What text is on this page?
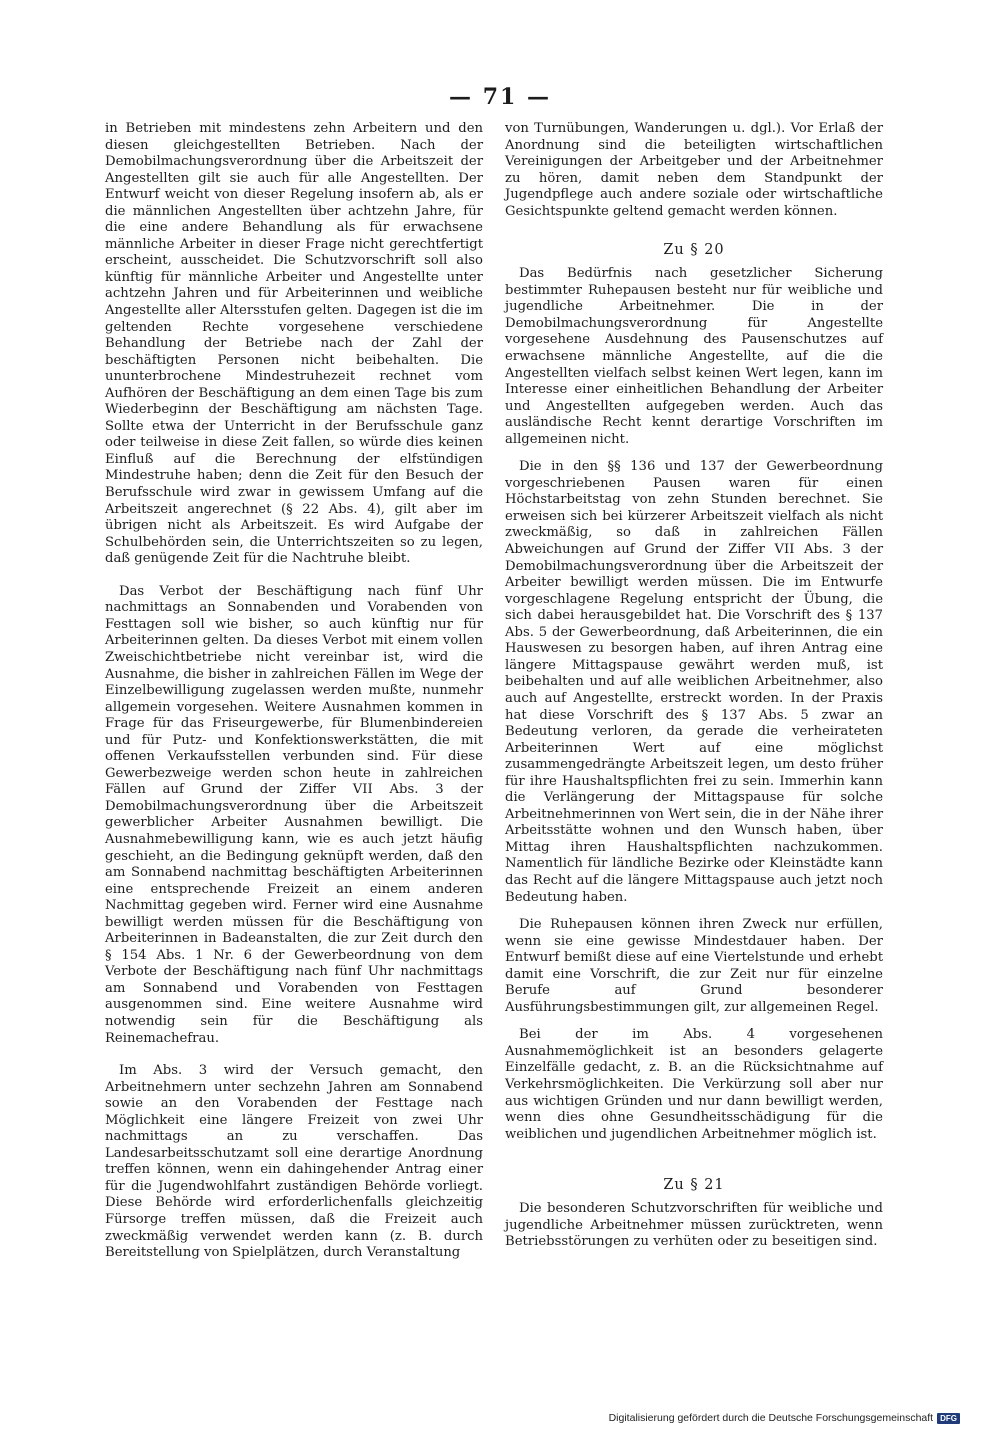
— 71 —

in Betrieben mit mindestens zehn Arbeitern und den diesen gleichgestellten Betrieben. Nach der Demobilmachungsverordnung über die Arbeitszeit der Angestellten gilt sie auch für alle Angestellten. Der Entwurf weicht von dieser Regelung insofern ab, als er die männlichen Angestellten über achtzehn Jahre, für die eine andere Behandlung als für erwachsene männliche Arbeiter in dieser Frage nicht gerechtfertigt erscheint, ausscheidet. Die Schutzvorschrift soll also künftig für männliche Arbeiter und Angestellte unter achtzehn Jahren und für Arbeiterinnen und weibliche Angestellte aller Altersstufen gelten. Dagegen ist die im geltenden Rechte vorgesehene verschiedene Behandlung der Betriebe nach der Zahl der beschäftigten Personen nicht beibehalten. Die ununterbrochene Mindestruhezeit rechnet vom Aufhören der Beschäftigung an dem einen Tage bis zum Wiederbeginn der Beschäftigung am nächsten Tage. Sollte etwa der Unterricht in der Berufsschule ganz oder teilweise in diese Zeit fallen, so würde dies keinen Einfluß auf die Berechnung der elfstündigen Mindestruhe haben; denn die Zeit für den Besuch der Berufsschule wird zwar in gewissem Umfang auf die Arbeitszeit angerechnet (§ 22 Abs. 4), gilt aber im übrigen nicht als Arbeitszeit. Es wird Aufgabe der Schulbehörden sein, die Unterrichtszeiten so zu legen, daß genügende Zeit für die Nachtruhe bleibt.

Das Verbot der Beschäftigung nach fünf Uhr nachmittags an Sonnabenden und Vorabenden von Festtagen soll wie bisher, so auch künftig nur für Arbeiterinnen gelten. Da dieses Verbot mit einem vollen Zweischichtbetriebe nicht vereinbar ist, wird die Ausnahme, die bisher in zahlreichen Fällen im Wege der Einzelbewilligung zugelassen werden mußte, nunmehr allgemein vorgesehen. Weitere Ausnahmen kommen in Frage für das Friseurgewerbe, für Blumenbindereien und für Putz- und Konfektionswerkstätten, die mit offenen Verkaufsstellen verbunden sind. Für diese Gewerbezweige werden schon heute in zahlreichen Fällen auf Grund der Ziffer VII Abs. 3 der Demobilmachungsverordnung über die Arbeitszeit gewerblicher Arbeiter Ausnahmen bewilligt. Die Ausnahmebewilligung kann, wie es auch jetzt häufig geschieht, an die Bedingung geknüpft werden, daß den am Sonnabend nachmittag beschäftigten Arbeiterinnen eine entsprechende Freizeit an einem anderen Nachmittag gegeben wird. Ferner wird eine Ausnahme bewilligt werden müssen für die Beschäftigung von Arbeiterinnen in Badeanstalten, die zur Zeit durch den § 154 Abs. 1 Nr. 6 der Gewerbeordnung von dem Verbote der Beschäftigung nach fünf Uhr nachmittags am Sonnabend und Vorabenden von Festtagen ausgenommen sind. Eine weitere Ausnahme wird notwendig sein für die Beschäftigung als Reinemachefrau.

Im Abs. 3 wird der Versuch gemacht, den Arbeitnehmern unter sechzehn Jahren am Sonnabend sowie an den Vorabenden der Festtage nach Möglichkeit eine längere Freizeit von zwei Uhr nachmittags an zu verschaffen. Das Landesarbeitsschutzamt soll eine derartige Anordnung treffen können, wenn ein dahingehender Antrag einer für die Jugendwohlfahrt zuständigen Behörde vorliegt. Diese Behörde wird erforderlichenfalls gleichzeitig Fürsorge treffen müssen, daß die Freizeit auch zweckmäßig verwendet werden kann (z. B. durch Bereitstellung von Spielplätzen, durch Veranstaltung

von Turnübungen, Wanderungen u. dgl.). Vor Erlaß der Anordnung sind die beteiligten wirtschaftlichen Vereinigungen der Arbeitgeber und der Arbeitnehmer zu hören, damit neben dem Standpunkt der Jugendpflege auch andere soziale oder wirtschaftliche Gesichtspunkte geltend gemacht werden können.

Zu § 20

Das Bedürfnis nach gesetzlicher Sicherung bestimmter Ruhepausen besteht nur für weibliche und jugendliche Arbeitnehmer. Die in der Demobilmachungsverordnung für Angestellte vorgesehene Ausdehnung des Pausenschutzes auf erwachsene männliche Angestellte, auf die die Angestellten vielfach selbst keinen Wert legen, kann im Interesse einer einheitlichen Behandlung der Arbeiter und Angestellten aufgegeben werden. Auch das ausländische Recht kennt derartige Vorschriften im allgemeinen nicht.

Die in den §§ 136 und 137 der Gewerbeordnung vorgeschriebenen Pausen waren für einen Höchstarbeitstag von zehn Stunden berechnet. Sie erweisen sich bei kürzerer Arbeitszeit vielfach als nicht zweckmäßig, so daß in zahlreichen Fällen Abweichungen auf Grund der Ziffer VII Abs. 3 der Demobilmachungsverordnung über die Arbeitszeit der Arbeiter bewilligt werden müssen. Die im Entwurfe vorgeschlagene Regelung entspricht der Übung, die sich dabei herausgebildet hat. Die Vorschrift des § 137 Abs. 5 der Gewerbeordnung, daß Arbeiterinnen, die ein Hauswesen zu besorgen haben, auf ihren Antrag eine längere Mittagspause gewährt werden muß, ist beibehalten und auf alle weiblichen Arbeitnehmer, also auch auf Angestellte, erstreckt worden. In der Praxis hat diese Vorschrift des § 137 Abs. 5 zwar an Bedeutung verloren, da gerade die verheirateten Arbeiterinnen Wert auf eine möglichst zusammengedrängte Arbeitszeit legen, um desto früher für ihre Haushaltspflichten frei zu sein. Immerhin kann die Verlängerung der Mittagspause für solche Arbeitnehmerinnen von Wert sein, die in der Nähe ihrer Arbeitsstätte wohnen und den Wunsch haben, über Mittag ihren Haushaltspflichten nachzukommen. Namentlich für ländliche Bezirke oder Kleinstädte kann das Recht auf die längere Mittagspause auch jetzt noch Bedeutung haben.

Die Ruhepausen können ihren Zweck nur erfüllen, wenn sie eine gewisse Mindestdauer haben. Der Entwurf bemißt diese auf eine Viertelstunde und erhebt damit eine Vorschrift, die zur Zeit nur für einzelne Berufe auf Grund besonderer Ausführungsbestimmungen gilt, zur allgemeinen Regel.

Bei der im Abs. 4 vorgesehenen Ausnahmemöglichkeit ist an besonders gelagerte Einzelfälle gedacht, z. B. an die Rücksichtnahme auf Verkehrsmöglichkeiten. Die Verkürzung soll aber nur aus wichtigen Gründen und nur dann bewilligt werden, wenn dies ohne Gesundheitsschädigung für die weiblichen und jugendlichen Arbeitnehmer möglich ist.

Zu § 21

Die besonderen Schutzvorschriften für weibliche und jugendliche Arbeitnehmer müssen zurücktreten, wenn Betriebsstörungen zu verhüten oder zu beseitigen sind.

Digitalisierung gefördert durch die Deutsche Forschungsgemeinschaft DFG
